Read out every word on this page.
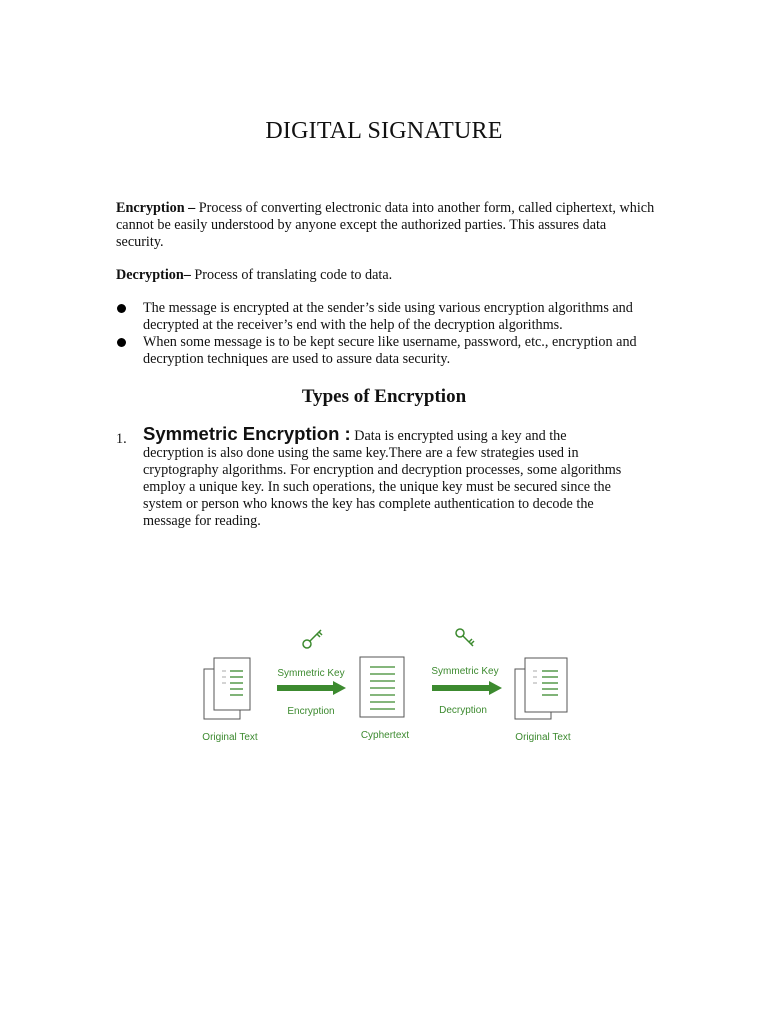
DIGITAL SIGNATURE
Encryption – Process of converting electronic data into another form, called ciphertext, which cannot be easily understood by anyone except the authorized parties. This assures data security.
Decryption– Process of translating code to data.
The message is encrypted at the sender’s side using various encryption algorithms and decrypted at the receiver’s end with the help of the decryption algorithms.
When some message is to be kept secure like username, password, etc., encryption and decryption techniques are used to assure data security.
Types of Encryption
1. Symmetric Encryption : Data is encrypted using a key and the decryption is also done using the same key.There are a few strategies used in cryptography algorithms. For encryption and decryption processes, some algorithms employ a unique key. In such operations, the unique key must be secured since the system or person who knows the key has complete authentication to decode the message for reading.
Original Text
Symmetric Key
Encryption
Cyphertext
Symmetric Key
Decryption
Original Text
